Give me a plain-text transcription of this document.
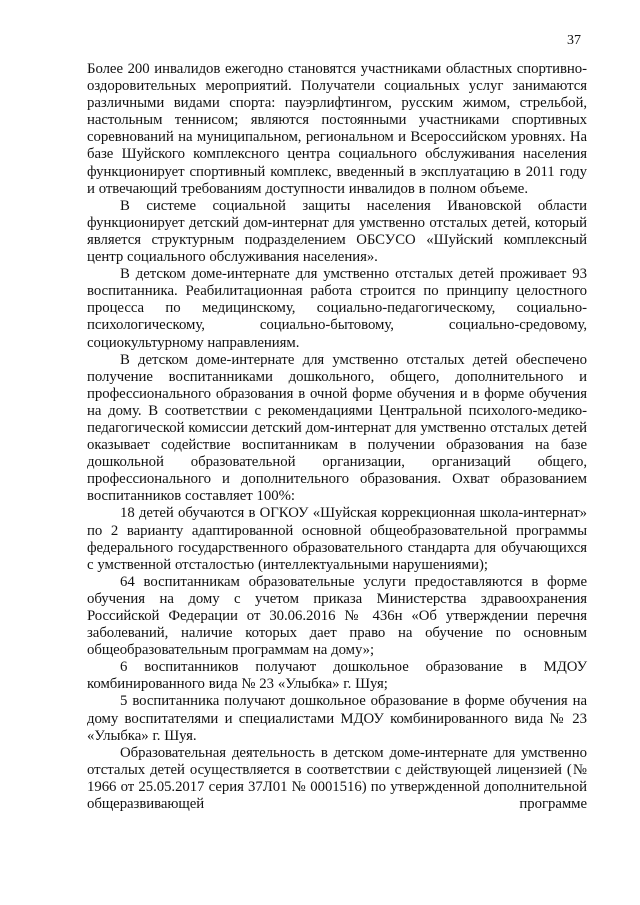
37

Более 200 инвалидов ежегодно становятся участниками областных спортивно-оздоровительных мероприятий. Получатели социальных услуг занимаются различными видами спорта: пауэрлифтингом, русским жимом, стрельбой, настольным теннисом; являются постоянными участниками спортивных соревнований на муниципальном, региональном и Всероссийском уровнях. На базе Шуйского комплексного центра социального обслуживания населения функционирует спортивный комплекс, введенный в эксплуатацию в 2011 году и отвечающий требованиям доступности инвалидов в полном объеме.

В системе социальной защиты населения Ивановской области функционирует детский дом-интернат для умственно отсталых детей, который является структурным подразделением ОБСУСО «Шуйский комплексный центр социального обслуживания населения».

В детском доме-интернате для умственно отсталых детей проживает 93 воспитанника. Реабилитационная работа строится по принципу целостного процесса по медицинскому, социально-педагогическому, социально-психологическому, социально-бытовому, социально-средовому, социокультурному направлениям.

В детском доме-интернате для умственно отсталых детей обеспечено получение воспитанниками дошкольного, общего, дополнительного и профессионального образования в очной форме обучения и в форме обучения на дому. В соответствии с рекомендациями Центральной психолого-медико-педагогической комиссии детский дом-интернат для умственно отсталых детей оказывает содействие воспитанникам в получении образования на базе дошкольной образовательной организации, организаций общего, профессионального и дополнительного образования. Охват образованием воспитанников составляет 100%:

18 детей обучаются в ОГКОУ «Шуйская коррекционная школа-интернат» по 2 варианту адаптированной основной общеобразовательной программы федерального государственного образовательного стандарта для обучающихся с умственной отсталостью (интеллектуальными нарушениями);

64 воспитанникам образовательные услуги предоставляются в форме обучения на дому с учетом приказа Министерства здравоохранения Российской Федерации от 30.06.2016 № 436н «Об утверждении перечня заболеваний, наличие которых дает право на обучение по основным общеобразовательным программам на дому»;

6 воспитанников получают дошкольное образование в МДОУ комбинированного вида № 23 «Улыбка» г. Шуя;

5 воспитанника получают дошкольное образование в форме обучения на дому воспитателями и специалистами МДОУ комбинированного вида № 23 «Улыбка» г. Шуя.

Образовательная деятельность в детском доме-интернате для умственно отсталых детей осуществляется в соответствии с действующей лицензией (№ 1966 от 25.05.2017 серия 37Л01 № 0001516) по утвержденной дополнительной общеразвивающей программе
